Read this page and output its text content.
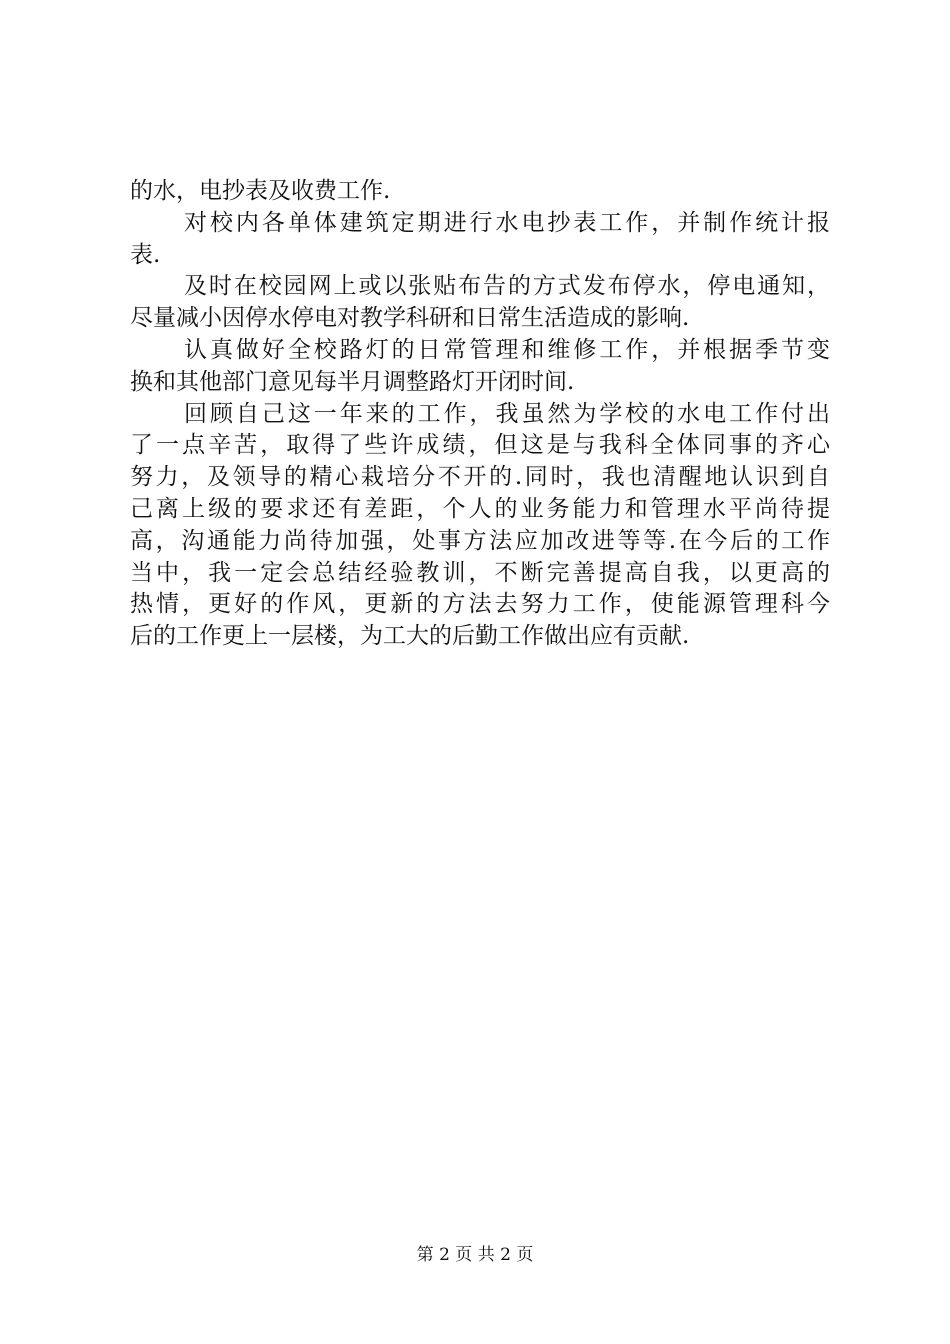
的水，电抄表及收费工作.
对校内各单体建筑定期进行水电抄表工作，并制作统计报
表.
及时在校园网上或以张贴布告的方式发布停水，停电通知，
尽量减小因停水停电对教学科研和日常生活造成的影响.
认真做好全校路灯的日常管理和维修工作，并根据季节变
换和其他部门意见每半月调整路灯开闭时间.
回顾自己这一年来的工作，我虽然为学校的水电工作付出
了一点辛苦，取得了些许成绩，但这是与我科全体同事的齐心
努力，及领导的精心栽培分不开的.同时，我也清醒地认识到自
己离上级的要求还有差距，个人的业务能力和管理水平尚待提
高，沟通能力尚待加强，处事方法应加改进等等.在今后的工作
当中，我一定会总结经验教训，不断完善提高自我，以更高的
热情，更好的作风，更新的方法去努力工作，使能源管理科今
后的工作更上一层楼，为工大的后勤工作做出应有贡献.
第 2 页 共 2 页
